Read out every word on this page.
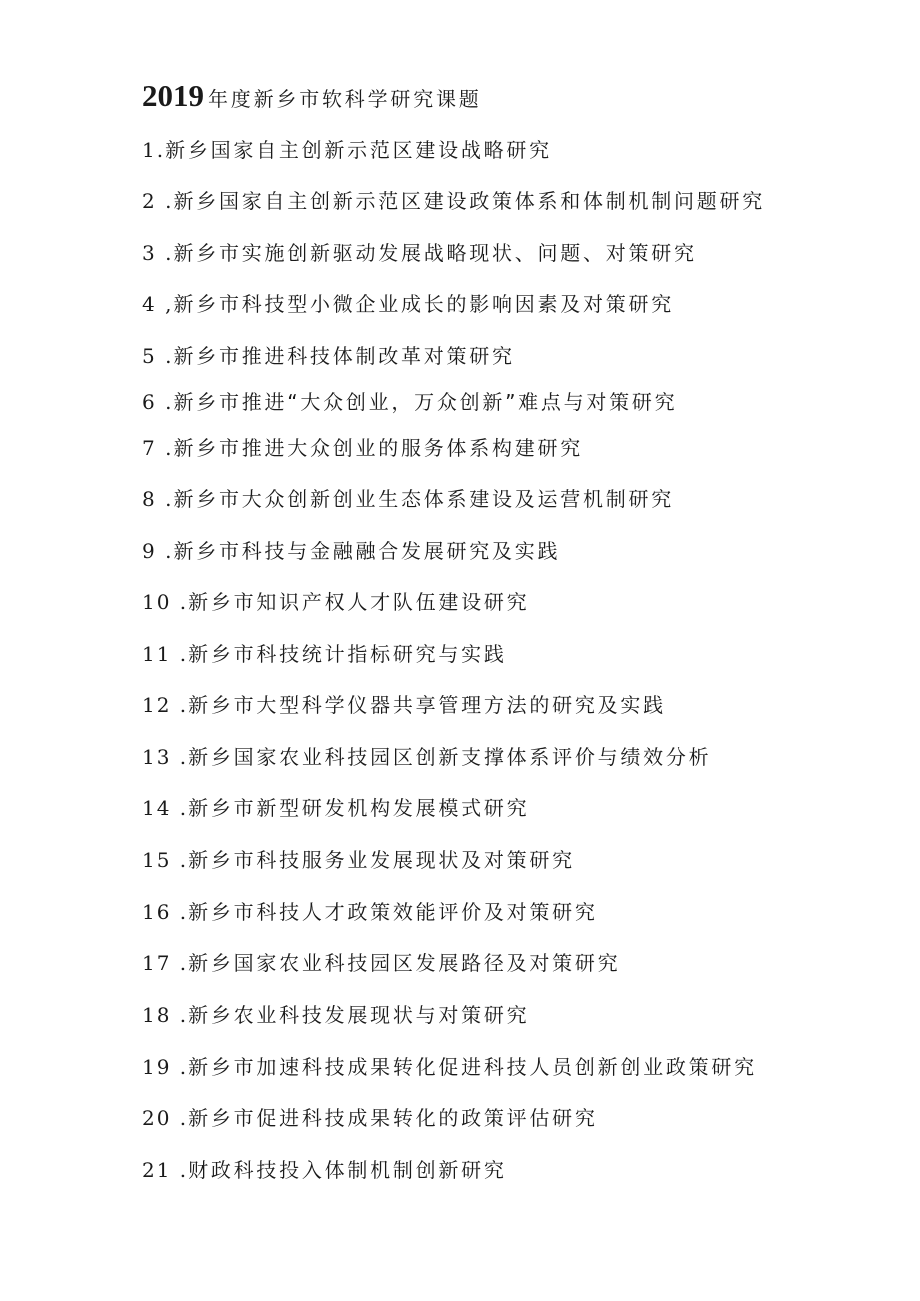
2019 年度新乡市软科学研究课题
1.新乡国家自主创新示范区建设战略研究
2 .新乡国家自主创新示范区建设政策体系和体制机制问题研究
3 .新乡市实施创新驱动发展战略现状、问题、对策研究
4 ,新乡市科技型小微企业成长的影响因素及对策研究
5 .新乡市推进科技体制改革对策研究
6 .新乡市推进“大众创业，万众创新”难点与对策研究
7 .新乡市推进大众创业的服务体系构建研究
8 .新乡市大众创新创业生态体系建设及运营机制研究
9 .新乡市科技与金融融合发展研究及实践
10 .新乡市知识产权人才队伍建设研究
11 .新乡市科技统计指标研究与实践
12 .新乡市大型科学仪器共享管理方法的研究及实践
13 .新乡国家农业科技园区创新支撑体系评价与绩效分析
14 .新乡市新型研发机构发展模式研究
15 .新乡市科技服务业发展现状及对策研究
16 .新乡市科技人才政策效能评价及对策研究
17 .新乡国家农业科技园区发展路径及对策研究
18 .新乡农业科技发展现状与对策研究
19 .新乡市加速科技成果转化促进科技人员创新创业政策研究
20 .新乡市促进科技成果转化的政策评估研究
21 .财政科技投入体制机制创新研究
